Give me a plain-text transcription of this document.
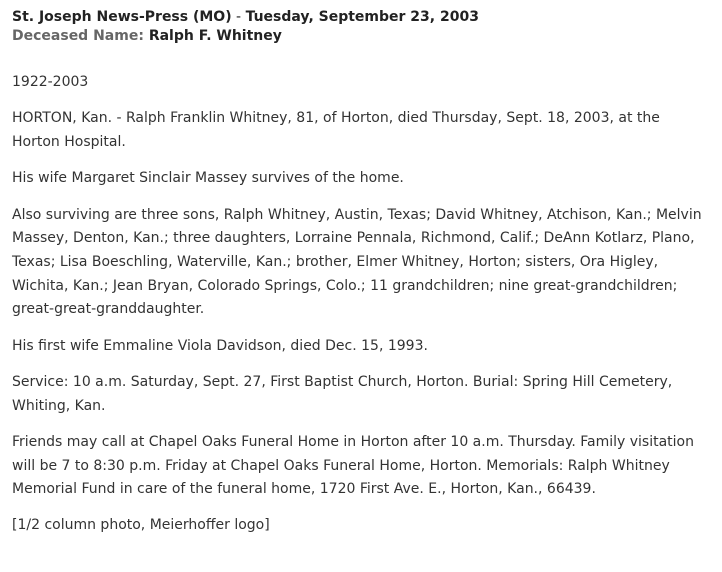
St. Joseph News-Press (MO) - Tuesday, September 23, 2003
Deceased Name: Ralph F. Whitney

1922-2003

HORTON, Kan. - Ralph Franklin Whitney, 81, of Horton, died Thursday, Sept. 18, 2003, at the Horton Hospital.

His wife Margaret Sinclair Massey survives of the home.

Also surviving are three sons, Ralph Whitney, Austin, Texas; David Whitney, Atchison, Kan.; Melvin Massey, Denton, Kan.; three daughters, Lorraine Pennala, Richmond, Calif.; DeAnn Kotlarz, Plano, Texas; Lisa Boeschling, Waterville, Kan.; brother, Elmer Whitney, Horton; sisters, Ora Higley, Wichita, Kan.; Jean Bryan, Colorado Springs, Colo.; 11 grandchildren; nine great-grandchildren; great-great-granddaughter.

His first wife Emmaline Viola Davidson, died Dec. 15, 1993.

Service: 10 a.m. Saturday, Sept. 27, First Baptist Church, Horton. Burial: Spring Hill Cemetery, Whiting, Kan.

Friends may call at Chapel Oaks Funeral Home in Horton after 10 a.m. Thursday. Family visitation will be 7 to 8:30 p.m. Friday at Chapel Oaks Funeral Home, Horton. Memorials: Ralph Whitney Memorial Fund in care of the funeral home, 1720 First Ave. E., Horton, Kan., 66439.

[1/2 column photo, Meierhoffer logo]
